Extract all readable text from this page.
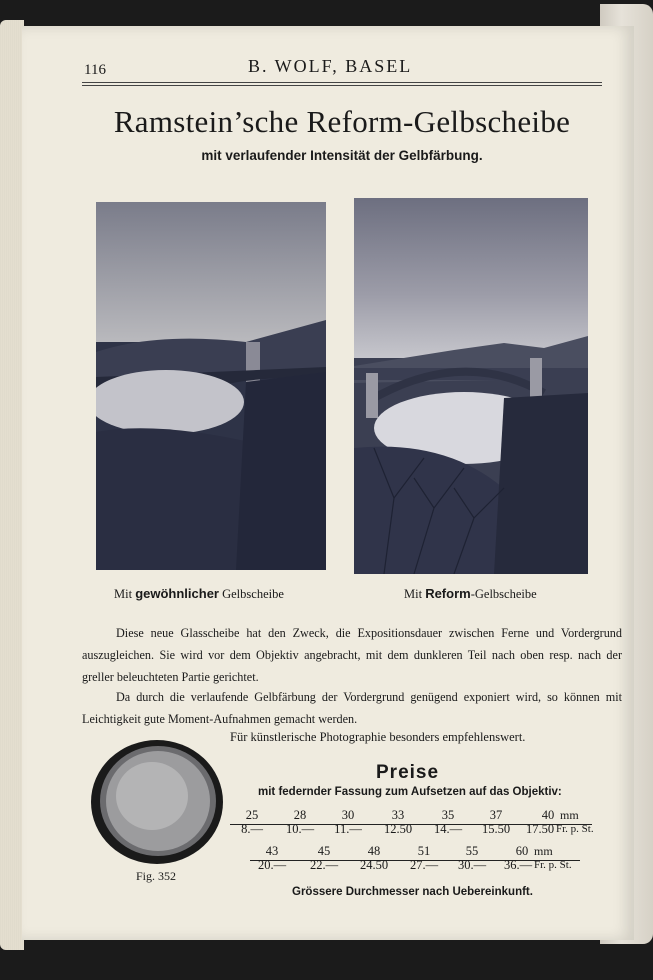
116	B. WOLF, BASEL
Ramstein’sche Reform-Gelbscheibe
mit verlaufender Intensität der Gelbfärbung.
Mit gewöhnlicher Gelbscheibe	Mit Reform-Gelbscheibe

Diese neue Glasscheibe hat den Zweck, die Expositionsdauer zwischen Ferne und Vordergrund auszugleichen. Sie wird vor dem Objektiv angebracht, mit dem dunkleren Teil nach oben resp. nach der greller beleuchteten Partie gerichtet.

Da durch die verlaufende Gelbfärbung der Vordergrund genügend exponiert wird, so können mit Leichtigkeit gute Moment-Aufnahmen gemacht werden.

Für künstlerische Photographie besonders empfehlenswert.
Fig. 352
Preise
mit federnder Fassung zum Aufsetzen auf das Objektiv:
25	28	30	33	35	37	40 mm
8.—	10.—	11.—	12.50	14.—	15.50	17.50 Fr. p. St.
43	45	48	51	55	60 mm
20.—	22.—	24.50	27.—	30.—	36.— Fr. p. St.
Grössere Durchmesser nach Uebereinkunft.
